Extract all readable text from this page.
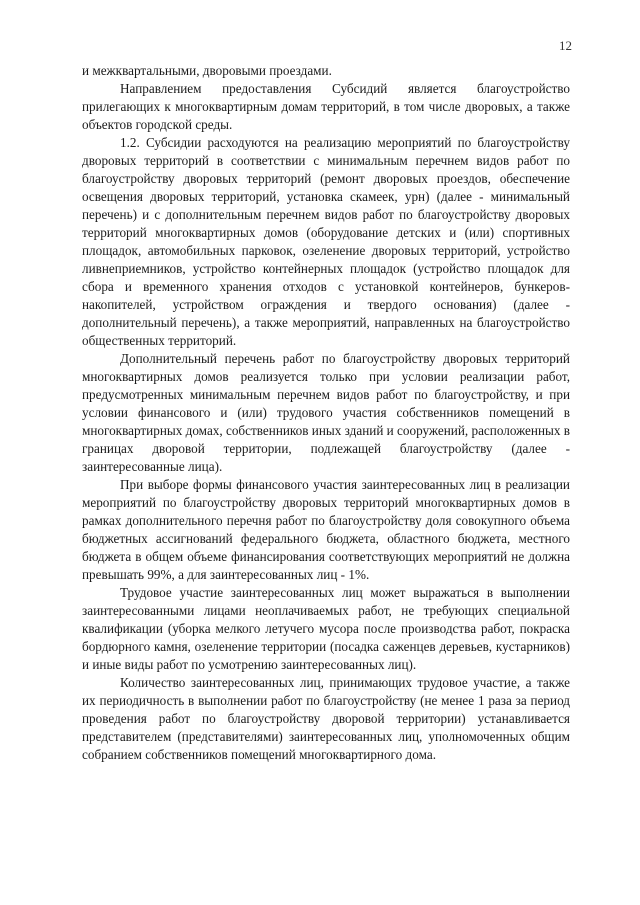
12

и межквартальными, дворовыми проездами.

Направлением предоставления Субсидий является благоустройство прилегающих к многоквартирным домам территорий, в том числе дворовых, а также объектов городской среды.

1.2. Субсидии расходуются на реализацию мероприятий по благоустройству дворовых территорий в соответствии с минимальным перечнем видов работ по благоустройству дворовых территорий (ремонт дворовых проездов, обеспечение освещения дворовых территорий, установка скамеек, урн) (далее - минимальный перечень) и с дополнительным перечнем видов работ по благоустройству дворовых территорий многоквартирных домов (оборудование детских и (или) спортивных площадок, автомобильных парковок, озеленение дворовых территорий, устройство ливнеприемников, устройство контейнерных площадок (устройство площадок для сбора и временного хранения отходов с установкой контейнеров, бункеров-накопителей, устройством ограждения и твердого основания) (далее - дополнительный перечень), а также мероприятий, направленных на благоустройство общественных территорий.

Дополнительный перечень работ по благоустройству дворовых территорий многоквартирных домов реализуется только при условии реализации работ, предусмотренных минимальным перечнем видов работ по благоустройству, и при условии финансового и (или) трудового участия собственников помещений в многоквартирных домах, собственников иных зданий и сооружений, расположенных в границах дворовой территории, подлежащей благоустройству (далее - заинтересованные лица).

При выборе формы финансового участия заинтересованных лиц в реализации мероприятий по благоустройству дворовых территорий многоквартирных домов в рамках дополнительного перечня работ по благоустройству доля совокупного объема бюджетных ассигнований федерального бюджета, областного бюджета, местного бюджета в общем объеме финансирования соответствующих мероприятий не должна превышать 99%, а для заинтересованных лиц - 1%.

Трудовое участие заинтересованных лиц может выражаться в выполнении заинтересованными лицами неоплачиваемых работ, не требующих специальной квалификации (уборка мелкого летучего мусора после производства работ, покраска бордюрного камня, озеленение территории (посадка саженцев деревьев, кустарников) и иные виды работ по усмотрению заинтересованных лиц).

Количество заинтересованных лиц, принимающих трудовое участие, а также их периодичность в выполнении работ по благоустройству (не менее 1 раза за период проведения работ по благоустройству дворовой территории) устанавливается представителем (представителями) заинтересованных лиц, уполномоченных общим собранием собственников помещений многоквартирного дома.
